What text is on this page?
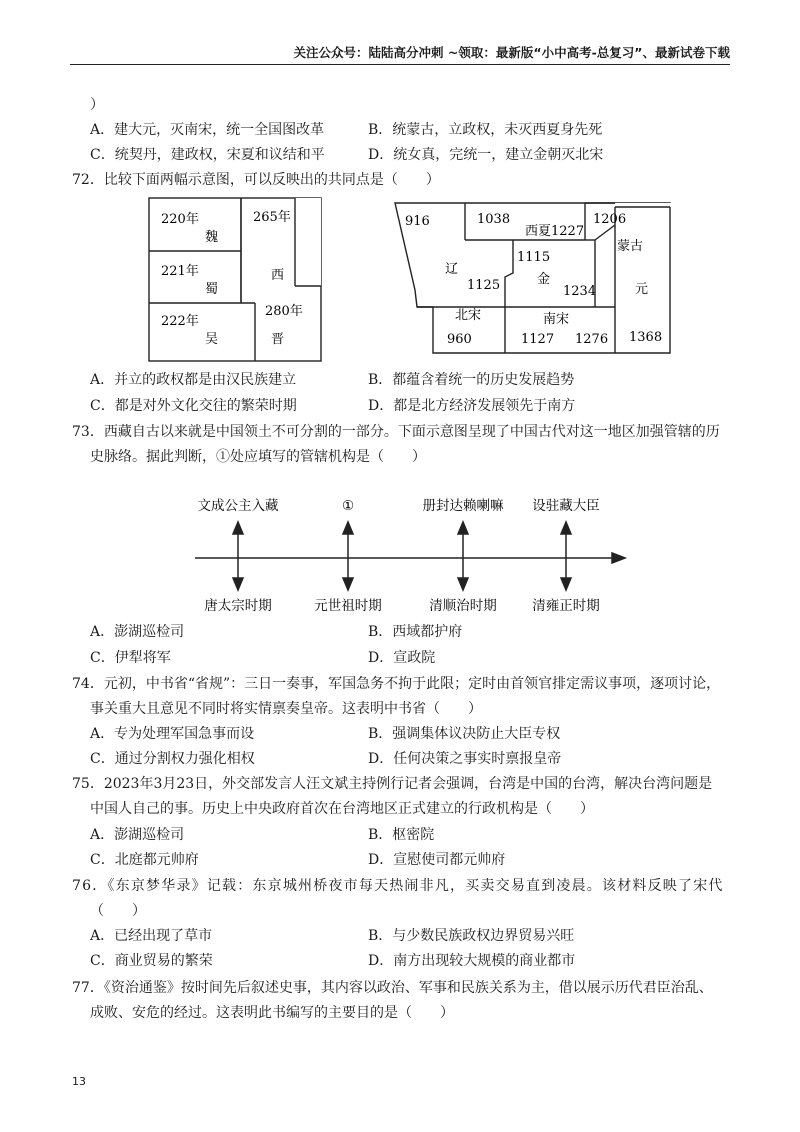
关注公众号：陆陆高分冲刺 ~领取：最新版“小中高考-总复习”、最新试卷下载
）
A．建大元，灭南宋，统一全国图改革	B．统蒙古，立政权，未灭西夏身先死
C．统契丹，建政权，宋夏和议结和平	D．统女真，完统一，建立金朝灭北宋
72．比较下面两幅示意图，可以反映出的共同点是（　　）
220年
魏
221年
蜀
222年
吴
265年
西
280年
晋
916
辽
1125
1038
西夏1227
1206
蒙古
元
1115
金
1234
北宋
960
南宋
1127 1276 1368
A．并立的政权都是由汉民族建立	B．都蕴含着统一的历史发展趋势
C．都是对外文化交往的繁荣时期	D．都是北方经济发展领先于南方
73．西藏自古以来就是中国领土不可分割的一部分。下面示意图呈现了中国古代对这一地区加强管辖的历
史脉络。据此判断，①处应填写的管辖机构是（　　）
文成公主入藏	①	册封达赖喇嘛 设驻藏大臣
唐太宗时期	元世祖时期	清顺治时期	清雍正时期
A．澎湖巡检司	B．西域都护府
C．伊犁将军	D．宣政院
74．元初，中书省“省规”：三日一奏事，军国急务不拘于此限；定时由首领官排定需议事项，逐项讨论，
事关重大且意见不同时将实情禀奏皇帝。这表明中书省（　　）
A．专为处理军国急事而设	B．强调集体议决防止大臣专权
C．通过分割权力强化相权	D．任何决策之事实时禀报皇帝
75．2023年3月23日，外交部发言人汪文斌主持例行记者会强调，台湾是中国的台湾，解决台湾问题是
中国人自己的事。历史上中央政府首次在台湾地区正式建立的行政机构是（　　）
A．澎湖巡检司	B．枢密院
C．北庭都元帅府	D．宣慰使司都元帅府
76．《东京梦华录》记载：东京城州桥夜市每天热闹非凡，买卖交易直到凌晨。该材料反映了宋代
（　　）
A．已经出现了草市	B．与少数民族政权边界贸易兴旺
C．商业贸易的繁荣	D．南方出现较大规模的商业都市
77．《资治通鉴》按时间先后叙述史事，其内容以政治、军事和民族关系为主，借以展示历代君臣治乱、
成败、安危的经过。这表明此书编写的主要目的是（　　）
13
